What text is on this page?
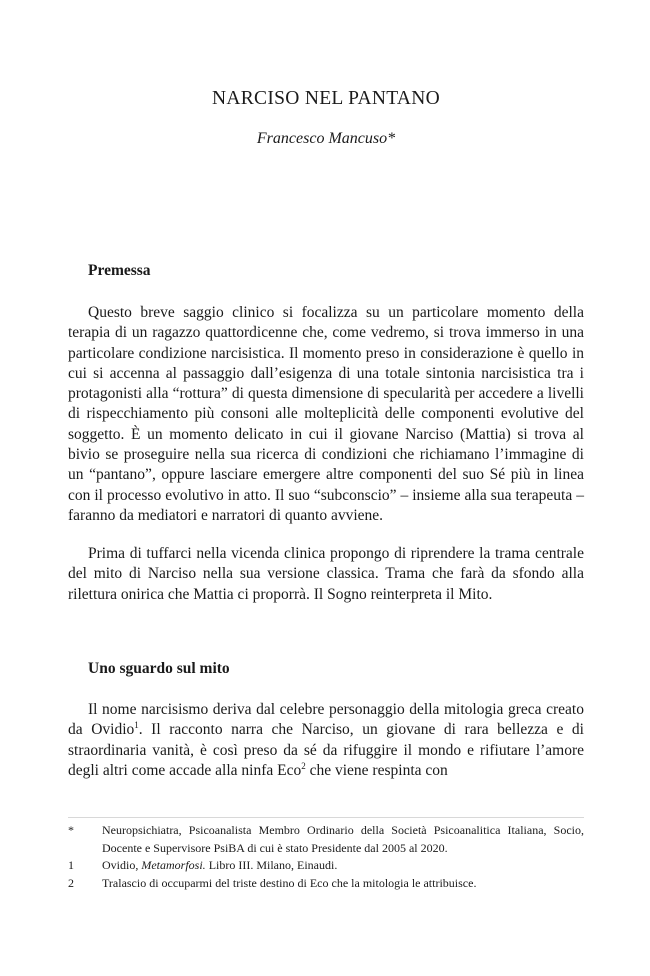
NARCISO NEL PANTANO
Francesco Mancuso*
Premessa

Questo breve saggio clinico si focalizza su un particolare momento della terapia di un ragazzo quattordicenne che, come vedremo, si trova immerso in una particolare condizione narcisistica. Il momento preso in considerazione è quello in cui si accenna al passaggio dall’esigenza di una totale sintonia narcisistica tra i protagonisti alla “rottura” di questa dimensione di specularità per accedere a livelli di rispecchiamento più consoni alle molteplicità delle componenti evolutive del soggetto. È un momento delicato in cui il giovane Narciso (Mattia) si trova al bivio se proseguire nella sua ricerca di condizioni che richiamano l’immagine di un “pantano”, oppure lasciare emergere altre componenti del suo Sé più in linea con il processo evolutivo in atto. Il suo “subconscio” – insieme alla sua terapeuta – faranno da mediatori e narratori di quanto avviene.

Prima di tuffarci nella vicenda clinica propongo di riprendere la trama centrale del mito di Narciso nella sua versione classica. Trama che farà da sfondo alla rilettura onirica che Mattia ci proporrà. Il Sogno reinterpreta il Mito.

Uno sguardo sul mito

Il nome narcisismo deriva dal celebre personaggio della mitologia greca creato da Ovidio$^1$. Il racconto narra che Narciso, un giovane di rara bellezza e di straordinaria vanità, è così preso da sé da rifuggire il mondo e rifiutare l’amore degli altri come accade alla ninfa Eco$^2$ che viene respinta con

*	Neuropsichiatra, Psicoanalista Membro Ordinario della Società Psicoanalitica Italiana, Socio, Docente e Supervisore PsiBA di cui è stato Presidente dal 2005 al 2020.
1	Ovidio, Metamorfosi. Libro III. Milano, Einaudi.
2	Tralascio di occuparmi del triste destino di Eco che la mitologia le attribuisce.
